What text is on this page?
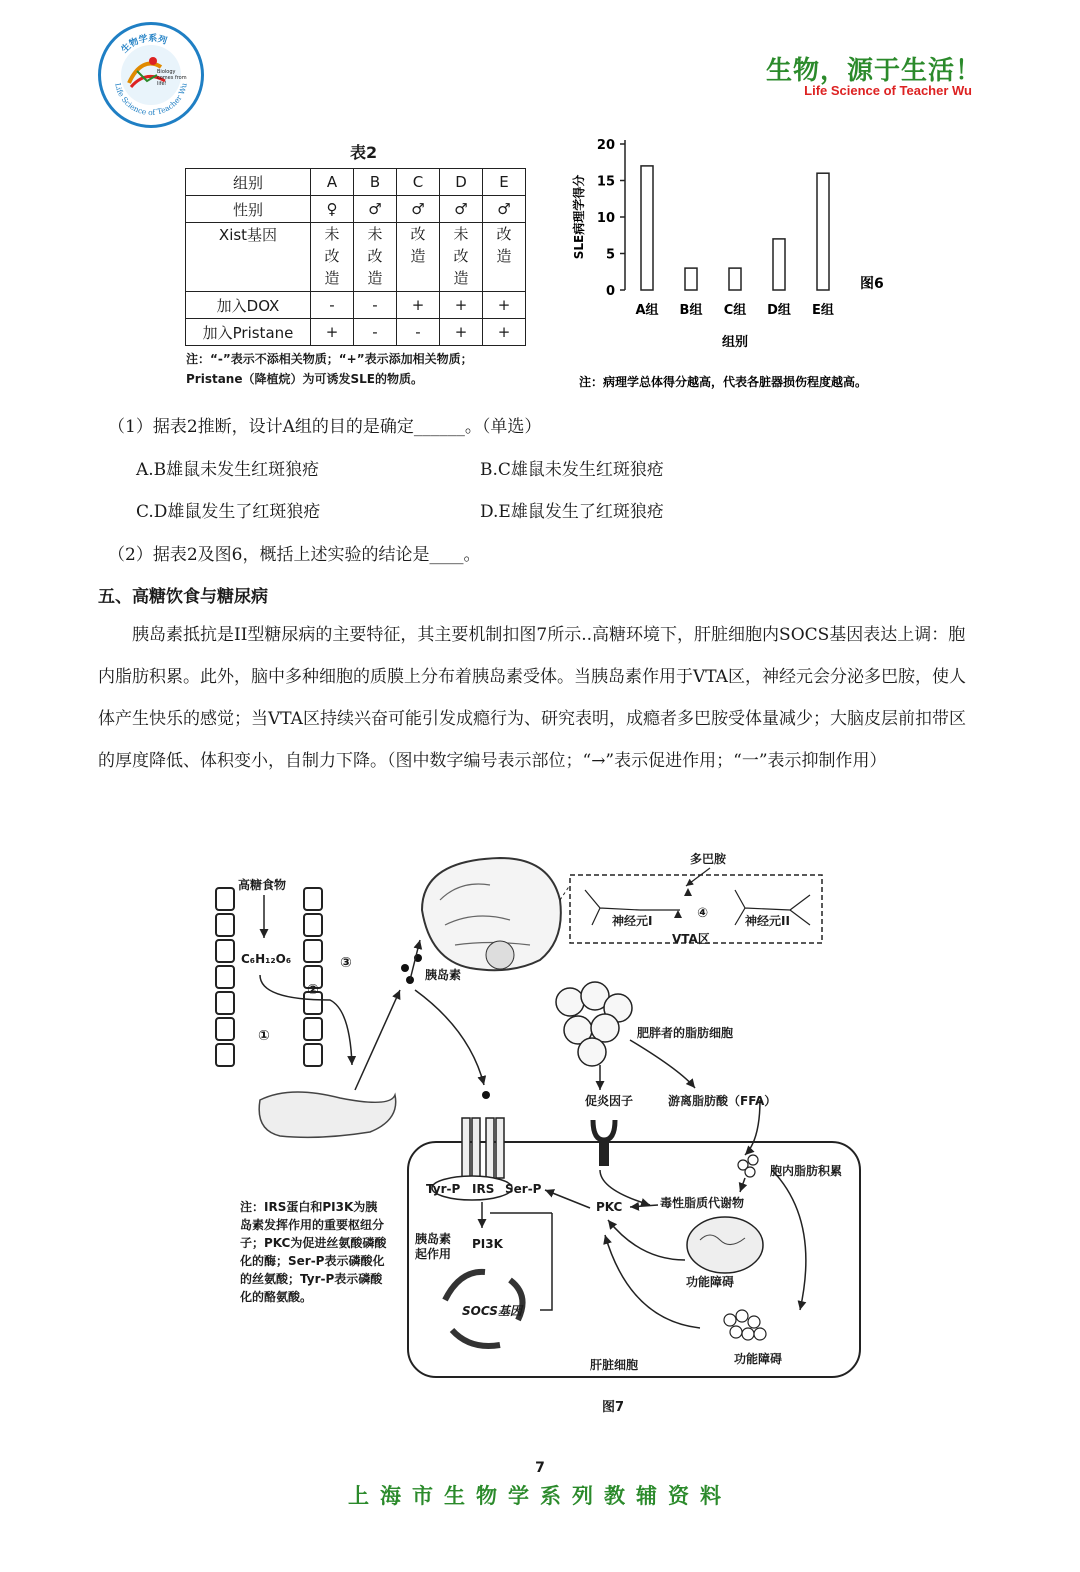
生物学系列
Life Science of Teacher Wu
Biology comes from life!	生物，源于生活！
Life Science of Teacher Wu
表2
组别	A	B	C	D	E
性别	♀	♂	♂	♂	♂
Xist基因	未改造	未改造	改造	未改造	改造
加入DOX	-	-	+	+	+
加入Pristane	+	-	-	+	+
注：“-”表示不添相关物质；“+”表示添加相关物质；
Pristane（降植烷）为可诱发SLE的物质。
0
5
10
15
20
A组 B组 C组 D组 E组
组别
SLE病理学得分
图6
注：病理学总体得分越高，代表各脏器损伤程度越高。
（1）据表2推断，设计A组的目的是确定______。（单选）
A.B雄鼠未发生红斑狼疮	B.C雄鼠未发生红斑狼疮
C.D雄鼠发生了红斑狼疮	D.E雄鼠发生了红斑狼疮
（2）据表2及图6，概括上述实验的结论是____。
五、高糖饮食与糖尿病
胰岛素抵抗是II型糖尿病的主要特征，其主要机制扣图7所示..高糖环境下，肝脏细胞内SOCS基因表达上调：胞内脂肪积累。此外，脑中多种细胞的质膜上分布着胰岛素受体。当胰岛素作用于VTA区，神经元会分泌多巴胺，使人体产生快乐的感觉；当VTA区持续兴奋可能引发成瘾行为、研究表明，成瘾者多巴胺受体量减少；大脑皮层前扣带区的厚度降低、体积变小，自制力下降。（图中数字编号表示部位；“→”表示促进作用；“一”表示抑制作用）
高糖食物
C₆H₁₂O₆	③
②
①
多巴胺
神经元I	④	神经元II
VTA区
胰岛素
肥胖者的脂肪细胞
促炎因子	游离脂肪酸（FFA）
胞内脂肪积累
毒性脂质代谢物
PKC
Tyr-P IRS Ser-P
胰岛素起作用
PI3K
SOCS基因
功能障碍
功能障碍
肝脏细胞
注：IRS蛋白和PI3K为胰岛素发挥作用的重要枢纽分子；PKC为促进丝氨酸磷酸化的酶；Ser-P表示磷酸化的丝氨酸；Tyr-P表示磷酸化的酪氨酸。
图7
7
上海市生物学系列教辅资料
